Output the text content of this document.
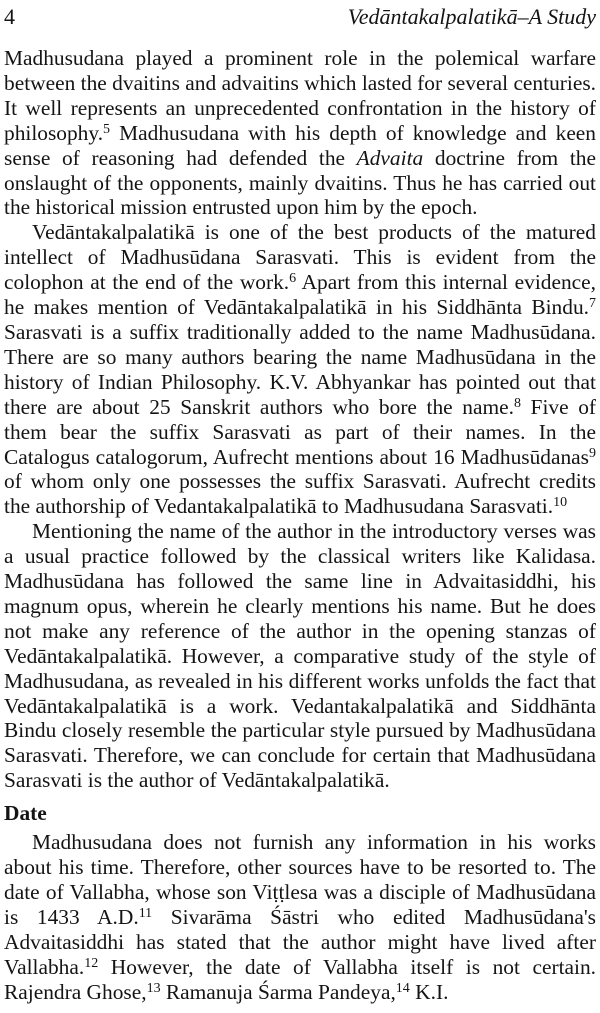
4	Vedāntakalpalatikā–A Study

Madhusudana played a prominent role in the polemical warfare between the dvaitins and advaitins which lasted for several centuries. It well represents an unprecedented confrontation in the history of philosophy.$^5$ Madhusudana with his depth of knowledge and keen sense of reasoning had defended the Advaita doctrine from the onslaught of the opponents, mainly dvaitins. Thus he has carried out the historical mission entrusted upon him by the epoch.

Vedāntakalpalatikā is one of the best products of the matured intellect of Madhusūdana Sarasvati. This is evident from the colophon at the end of the work.$^6$ Apart from this internal evidence, he makes mention of Vedāntakalpalatikā in his Siddhānta Bindu.$^7$ Sarasvati is a suffix traditionally added to the name Madhusūdana. There are so many authors bearing the name Madhusūdana in the history of Indian Philosophy. K.V. Abhyankar has pointed out that there are about 25 Sanskrit authors who bore the name.$^8$ Five of them bear the suffix Sarasvati as part of their names. In the Catalogus catalogorum, Aufrecht mentions about 16 Madhusūdanas$^9$ of whom only one possesses the suffix Sarasvati. Aufrecht credits the authorship of Vedantakalpalatikā to Madhusudana Sarasvati.$^{10}$

Mentioning the name of the author in the introductory verses was a usual practice followed by the classical writers like Kalidasa. Madhusūdana has followed the same line in Advaitasiddhi, his magnum opus, wherein he clearly mentions his name. But he does not make any reference of the author in the opening stanzas of Vedāntakalpalatikā. However, a comparative study of the style of Madhusudana, as revealed in his different works unfolds the fact that Vedāntakalpalatikā is a work. Vedantakalpalatikā and Siddhānta Bindu closely resemble the particular style pursued by Madhusūdana Sarasvati. Therefore, we can conclude for certain that Madhusūdana Sarasvati is the author of Vedāntakalpalatikā.

Date

Madhusudana does not furnish any information in his works about his time. Therefore, other sources have to be resorted to. The date of Vallabha, whose son Viṭṭlesa was a disciple of Madhusūdana is 1433 A.D.$^{11}$ Sivarāma Śāstri who edited Madhusūdana's Advaitasiddhi has stated that the author might have lived after Vallabha.$^{12}$ However, the date of Vallabha itself is not certain. Rajendra Ghose,$^{13}$ Ramanuja Śarma Pandeya,$^{14}$ K.I.
